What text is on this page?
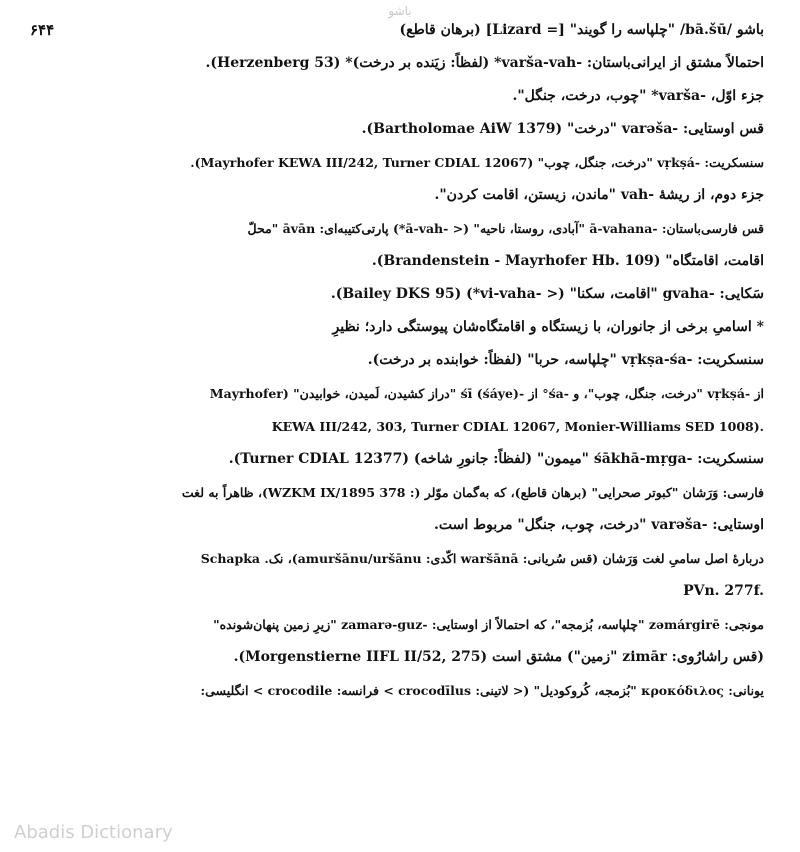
باشو
باشو /bā.šū/ "چلپاسه را گویند" [= Lizard] (برهان قاطع)
۶۴۴
احتمالاً مشتق از ایرانی‌باستان: -varša-vah* (لفظاً: زیَنده بر درخت)* (Herzenberg 53).
جزء اوّل، -varša* "چوب، درخت، جنگل".
قس اوستایی: -varəša "درخت" (Bartholomae AiW 1379).
سنسکریت: -vṛkṣá "درخت، جنگل، چوب" (Mayrhofer KEWA III/242, Turner CDIAL 12067).
جزء دوم، از ریشهٔ -vah "ماندن، زیستن، اقامت کردن".
قس فارسی‌باستان: -ā-vahana "آبادی، روستا، ناحیه" (< -ā-vah*) پارتی‌کتیبه‌ای: āvān "محلّ
اقامت، اقامتگاه" (Brandenstein - Mayrhofer Hb. 109).
سَکایی: -gvaha "اقامت، سکنا" (< -vi-vaha*) (Bailey DKS 95).
* اسامیِ برخی از جانوران، با زیستگاه و اقامتگاه‌شان پیوستگی دارد؛ نظیرِ
سنسکریت: -vṛkṣa-śa "چلپاسه، حربا" (لفظاً: خوابنده بر درخت).
از -vṛkṣá "درخت، جنگل، چوب"، و -śa° از -śī (śáye) "دراز کشیدن، لَمیدن، خوابیدن" (Mayrhofer
KEWA III/242, 303, Turner CDIAL 12067, Monier-Williams SED 1008).
سنسکریت: -śākhā-mṛga "میمون" (لفظاً: جانورِ شاخه) (Turner CDIAL 12377).
فارسی: وَرَشان "کبوتر صحرایی" (برهان قاطع)، که به‌گمان موّلر (: WZKM IX/1895 378)، ظاهراً به لغت
اوستایی: -varəša "درخت، چوب، جنگل" مربوط است.
دربارهٔ اصل سامیِ لغت وَرَشان (قس سُریانی: waršānā اکّدی: amuršānu/uršānu)، نک. Schapka
PVn. 277f.
مونجی: zəmárgirē "چلپاسه، بُزمجه"، که احتمالاً از اوستایی: -zamarə-guz "زیرِ زمین پنهان‌شونده"
(قس راشارُوی: zimār "زمین") مشتق است (Morgenstierne IIFL II/52, 275).
یونانی: κροκόδιλος "بُزمجه، کُروکودیل" (< لاتینی: crocodīlus > فرانسه: crocodile > انگلیسی:
Abadis Dictionary
